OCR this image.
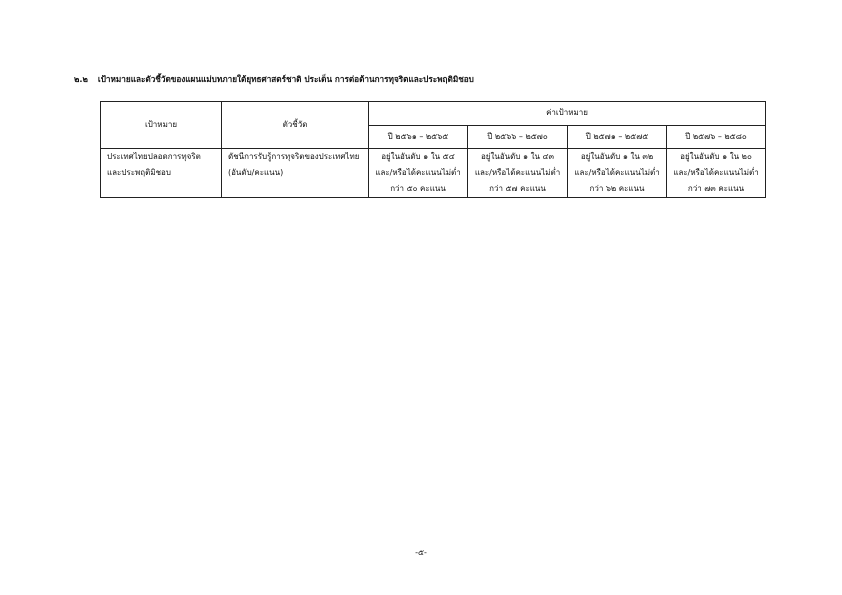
๒.๒ เป้าหมายและตัวชี้วัดของแผนแม่บทภายใต้ยุทธศาสตร์ชาติ ประเด็น การต่อต้านการทุจริตและประพฤติมิชอบ
เป้าหมาย	ตัวชี้วัด	ค่าเป้าหมาย			
		ปี ๒๕๖๑ – ๒๕๖๕	ปี ๒๕๖๖ – ๒๕๗๐	ปี ๒๕๗๑ – ๒๕๗๕	ปี ๒๕๗๖ – ๒๕๘๐
ประเทศไทยปลอดการทุจริตและประพฤติมิชอบ	ดัชนีการรับรู้การทุจริตของประเทศไทย (อันดับ/คะแนน)	อยู่ในอันดับ ๑ ใน ๕๔ และ/หรือได้คะแนนไม่ต่ำกว่า ๕๐ คะแนน	อยู่ในอันดับ ๑ ใน ๔๓ และ/หรือได้คะแนนไม่ต่ำกว่า ๕๗ คะแนน	อยู่ในอันดับ ๑ ใน ๓๒ และ/หรือได้คะแนนไม่ต่ำกว่า ๖๒ คะแนน	อยู่ในอันดับ ๑ ใน ๒๐ และ/หรือได้คะแนนไม่ต่ำกว่า ๗๓ คะแนน
-๕-
